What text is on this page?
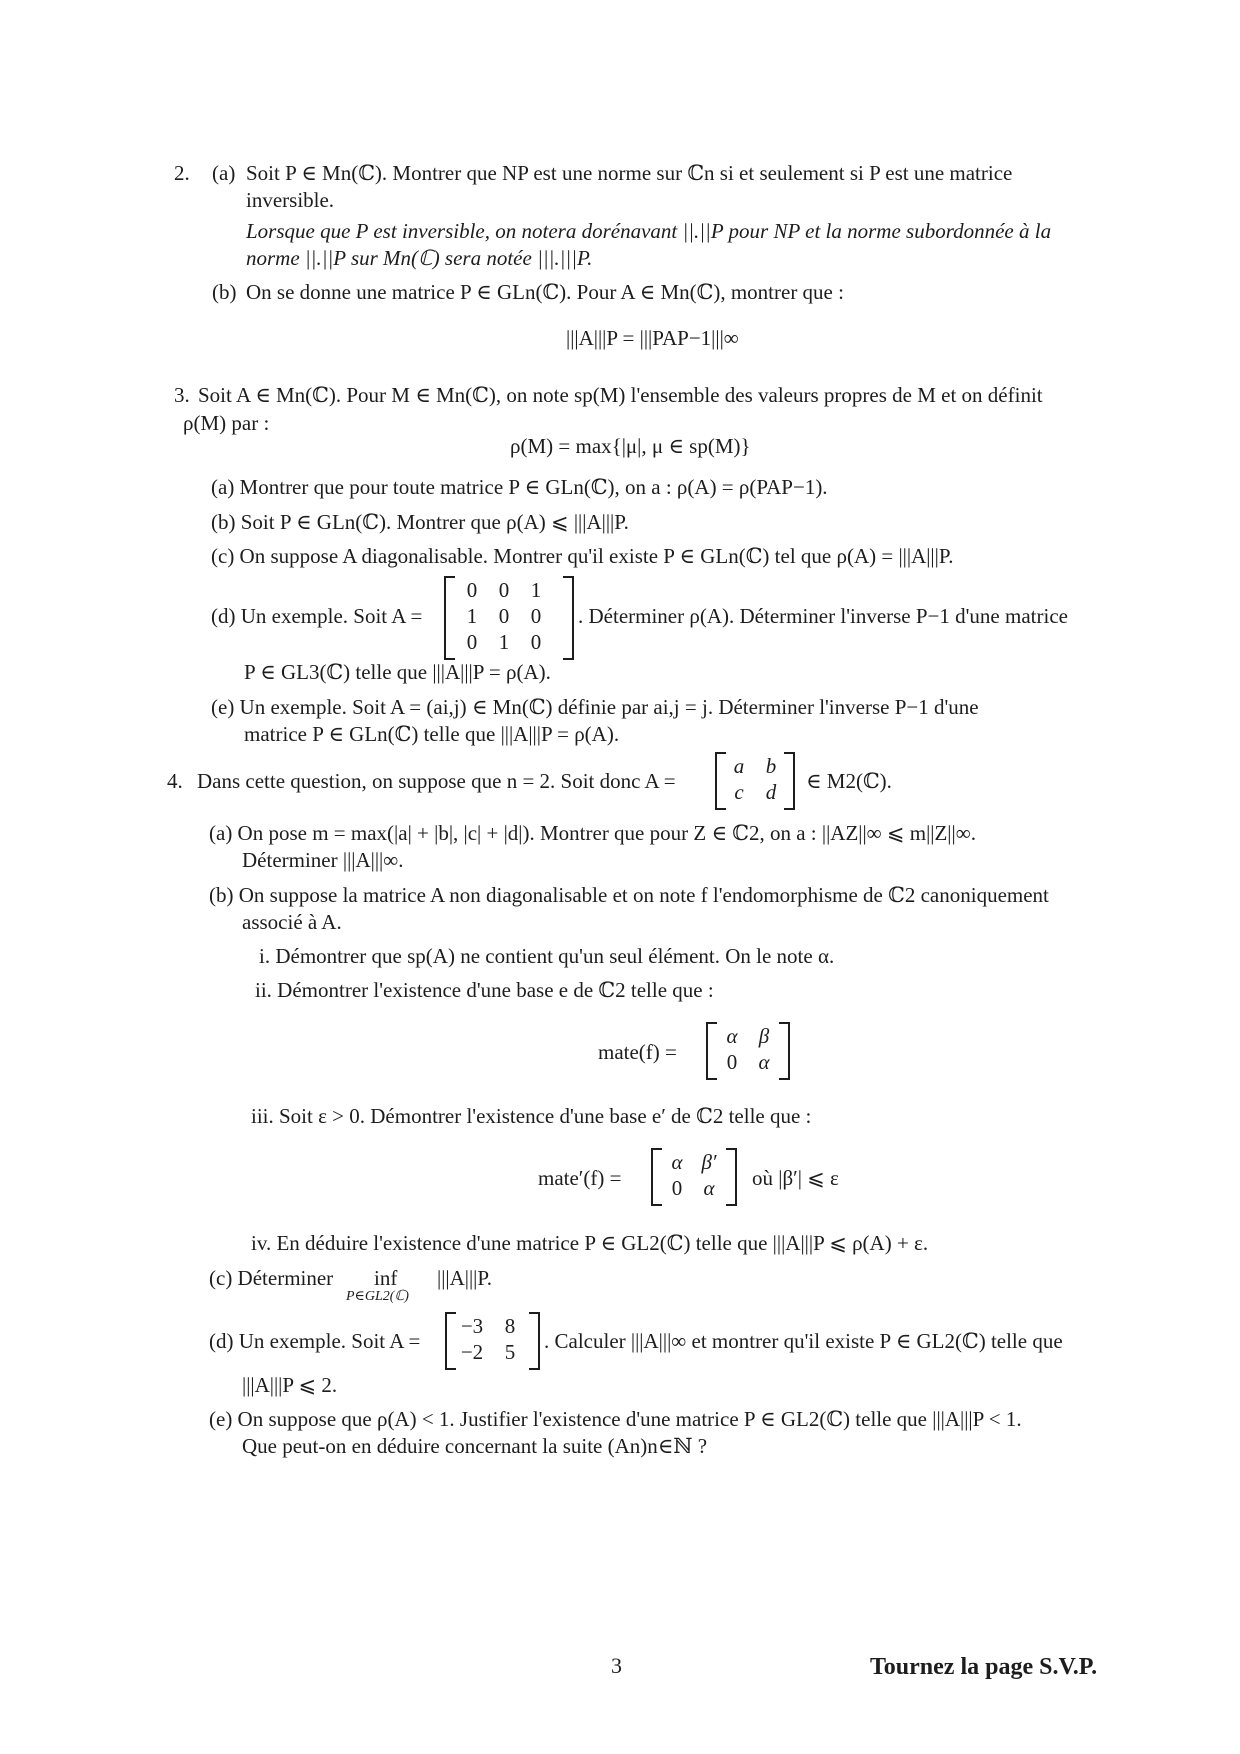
2. (a) Soit P ∈ Mn(ℂ). Montrer que NP est une norme sur ℂn si et seulement si P est une matrice
inversible.
Lorsque que P est inversible, on notera dorénavant ||.||P pour NP et la norme subordonnée à la
norme ||.||P sur Mn(ℂ) sera notée |||.|||P.
(b) On se donne une matrice P ∈ GLn(ℂ). Pour A ∈ Mn(ℂ), montrer que :
|||A|||P = |||PAP−1|||∞
3. Soit A ∈ Mn(ℂ). Pour M ∈ Mn(ℂ), on note sp(M) l'ensemble des valeurs propres de M et on définit
ρ(M) par :
ρ(M) = max{|μ|, μ ∈ sp(M)}
(a) Montrer que pour toute matrice P ∈ GLn(ℂ), on a : ρ(A) = ρ(PAP−1).
(b) Soit P ∈ GLn(ℂ). Montrer que ρ(A) ⩽ |||A|||P.
(c) On suppose A diagonalisable. Montrer qu'il existe P ∈ GLn(ℂ) tel que ρ(A) = |||A|||P.
(d) Un exemple. Soit A =
0	0	1
1	0	0
0	1	0
. Déterminer ρ(A). Déterminer l'inverse P−1 d'une matrice
P ∈ GL3(ℂ) telle que |||A|||P = ρ(A).
(e) Un exemple. Soit A = (ai,j) ∈ Mn(ℂ) définie par ai,j = j. Déterminer l'inverse P−1 d'une
matrice P ∈ GLn(ℂ) telle que |||A|||P = ρ(A).
4. Dans cette question, on suppose que n = 2. Soit donc A =
a	b
c	d	∈ M2(ℂ).
(a) On pose m = max(|a| + |b|, |c| + |d|). Montrer que pour Z ∈ ℂ2, on a : ||AZ||∞ ⩽ m||Z||∞.
Déterminer |||A|||∞.
(b) On suppose la matrice A non diagonalisable et on note f l'endomorphisme de ℂ2 canoniquement
associé à A.
i. Démontrer que sp(A) ne contient qu'un seul élément. On le note α.
ii. Démontrer l'existence d'une base e de ℂ2 telle que :
mate(f) =
α	β
0	α
iii. Soit ε > 0. Démontrer l'existence d'une base e′ de ℂ2 telle que :
mate′(f) =
α β′
0	α	où |β′| ⩽ ε
iv. En déduire l'existence d'une matrice P ∈ GL2(ℂ) telle que |||A|||P ⩽ ρ(A) + ε.
(c) Déterminer inf
P∈GL2(ℂ)
|||A|||P.
(d) Un exemple. Soit A =
−3	8
−2	5	. Calculer |||A|||∞ et montrer qu'il existe P ∈ GL2(ℂ) telle que
|||A|||P ⩽ 2.
(e) On suppose que ρ(A) < 1. Justifier l'existence d'une matrice P ∈ GL2(ℂ) telle que |||A|||P < 1.
Que peut-on en déduire concernant la suite (An)n∈ℕ ?
3	Tournez la page S.V.P.
